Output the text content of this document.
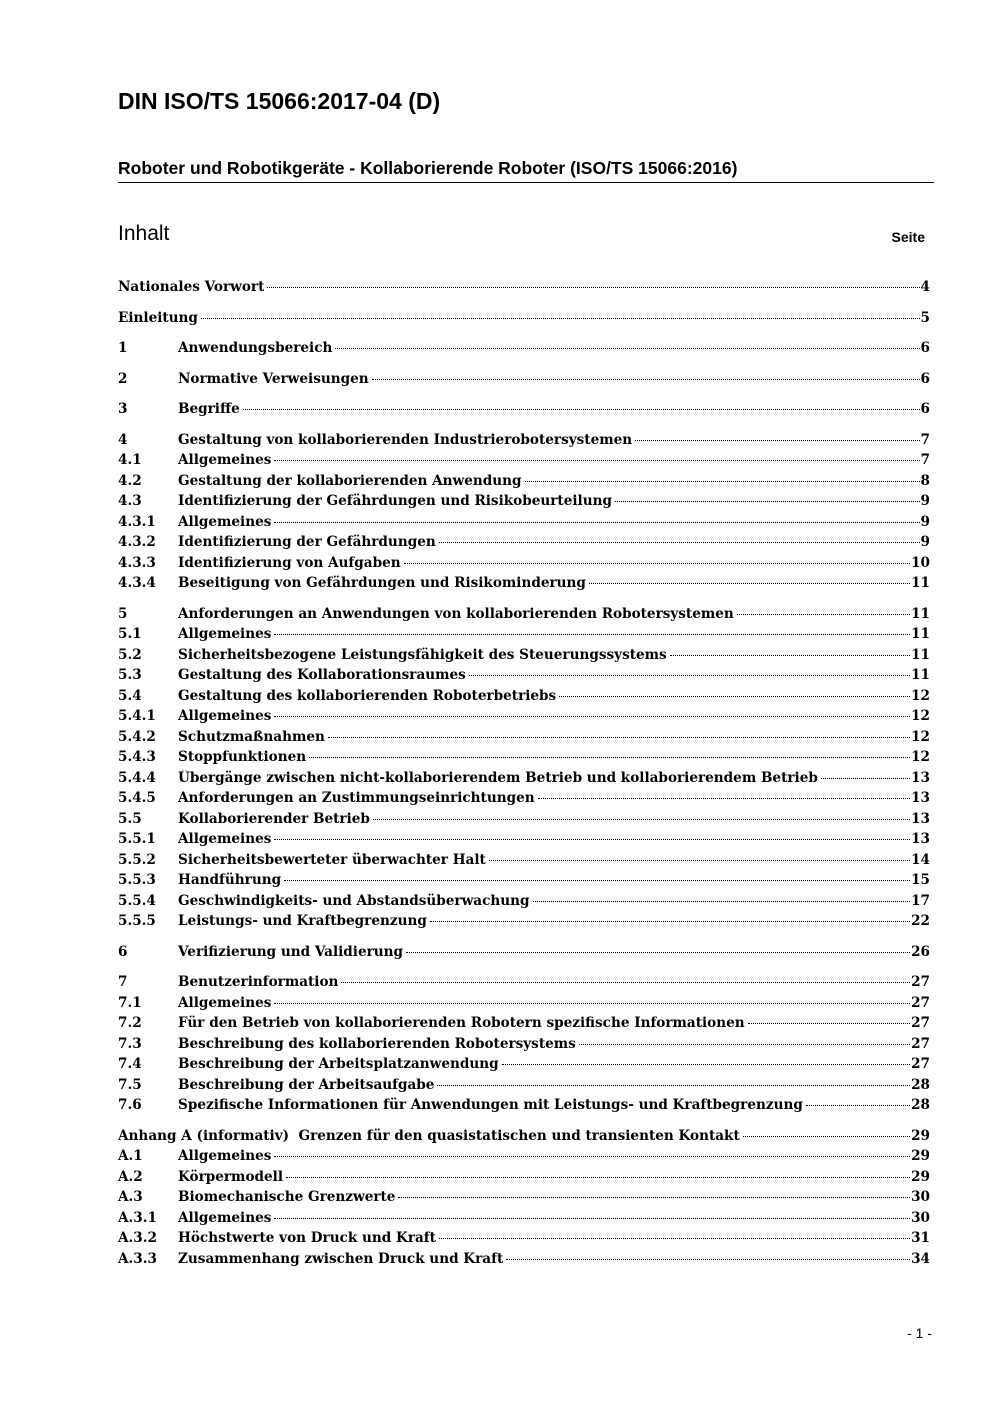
DIN ISO/TS 15066:2017-04 (D)
Roboter und Robotikgeräte - Kollaborierende Roboter (ISO/TS 15066:2016)
Inhalt	Seite
Nationales Vorwort	4
Einleitung	5
1	Anwendungsbereich	6
2	Normative Verweisungen	6
3	Begriffe	6
4	Gestaltung von kollaborierenden Industrierobotersystemen	7
4.1	Allgemeines	7
4.2	Gestaltung der kollaborierenden Anwendung	8
4.3	Identifizierung der Gefährdungen und Risikobeurteilung	9
4.3.1	Allgemeines	9
4.3.2	Identifizierung der Gefährdungen	9
4.3.3	Identifizierung von Aufgaben	10
4.3.4	Beseitigung von Gefährdungen und Risikominderung	11
5	Anforderungen an Anwendungen von kollaborierenden Robotersystemen	11
5.1	Allgemeines	11
5.2	Sicherheitsbezogene Leistungsfähigkeit des Steuerungssystems	11
5.3	Gestaltung des Kollaborationsraumes	11
5.4	Gestaltung des kollaborierenden Roboterbetriebs	12
5.4.1	Allgemeines	12
5.4.2	Schutzmaßnahmen	12
5.4.3	Stoppfunktionen	12
5.4.4	Übergänge zwischen nicht-kollaborierendem Betrieb und kollaborierendem Betrieb	13
5.4.5	Anforderungen an Zustimmungseinrichtungen	13
5.5	Kollaborierender Betrieb	13
5.5.1	Allgemeines	13
5.5.2	Sicherheitsbewerteter überwachter Halt	14
5.5.3	Handführung	15
5.5.4	Geschwindigkeits- und Abstandsüberwachung	17
5.5.5	Leistungs- und Kraftbegrenzung	22
6	Verifizierung und Validierung	26
7	Benutzerinformation	27
7.1	Allgemeines	27
7.2	Für den Betrieb von kollaborierenden Robotern spezifische Informationen	27
7.3	Beschreibung des kollaborierenden Robotersystems	27
7.4	Beschreibung der Arbeitsplatzanwendung	27
7.5	Beschreibung der Arbeitsaufgabe	28
7.6	Spezifische Informationen für Anwendungen mit Leistungs- und Kraftbegrenzung	28
Anhang A (informativ)  Grenzen für den quasistatischen und transienten Kontakt	29
A.1	Allgemeines	29
A.2	Körpermodell	29
A.3	Biomechanische Grenzwerte	30
A.3.1	Allgemeines	30
A.3.2	Höchstwerte von Druck und Kraft	31
A.3.3	Zusammenhang zwischen Druck und Kraft	34
- 1 -
